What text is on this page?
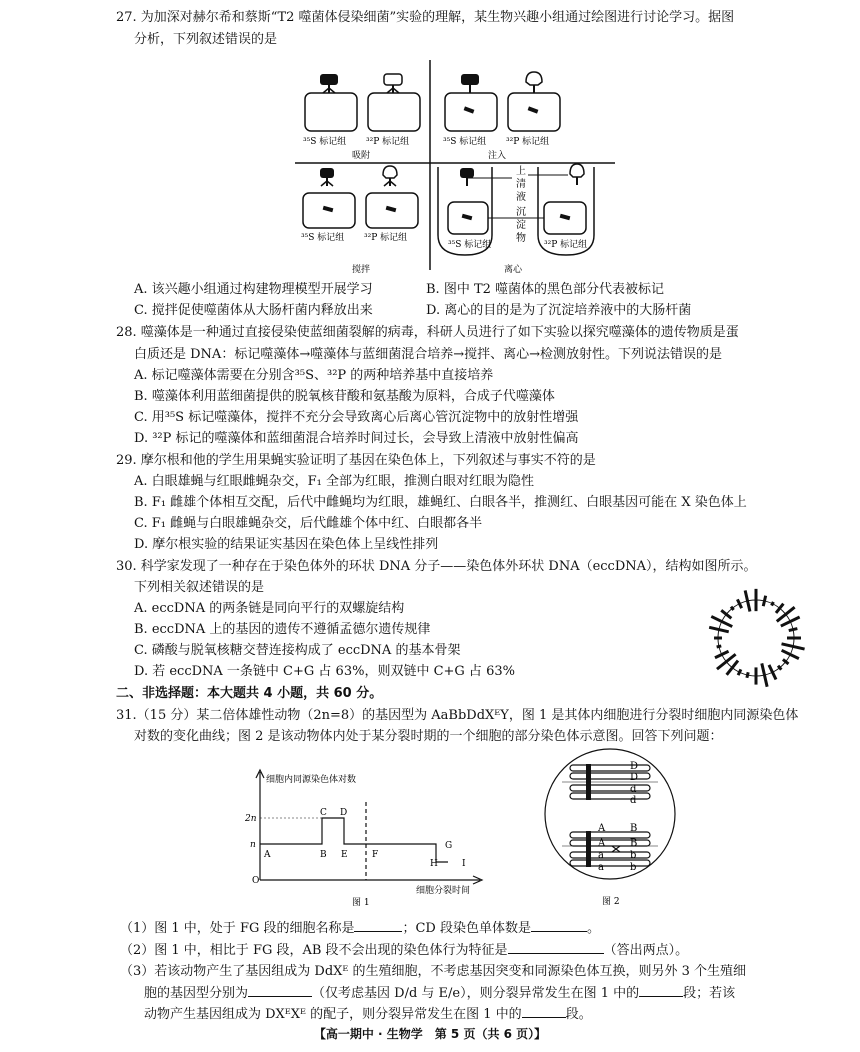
27. 为加深对赫尔希和蔡斯“T2 噬菌体侵染细菌”实验的理解，某生物兴趣小组通过绘图进行讨论学习。据图
分析，下列叙述错误的是
³⁵S 标记组 ³²P 标记组
吸附
³⁵S 标记组 ³²P 标记组
注入
³⁵S 标记组 ³²P 标记组
搅拌
上
清
液
沉
淀
物
³⁵S 标记组	³²P 标记组
离心
A. 该兴趣小组通过构建物理模型开展学习	B. 图中 T2 噬菌体的黑色部分代表被标记
C. 搅拌促使噬菌体从大肠杆菌内释放出来	D. 离心的目的是为了沉淀培养液中的大肠杆菌
28. 噬藻体是一种通过直接侵染使蓝细菌裂解的病毒，科研人员进行了如下实验以探究噬藻体的遗传物质是蛋
白质还是 DNA：标记噬藻体→噬藻体与蓝细菌混合培养→搅拌、离心→检测放射性。下列说法错误的是
A. 标记噬藻体需要在分别含³⁵S、³²P 的两种培养基中直接培养
B. 噬藻体利用蓝细菌提供的脱氧核苷酸和氨基酸为原料，合成子代噬藻体
C. 用³⁵S 标记噬藻体，搅拌不充分会导致离心后离心管沉淀物中的放射性增强
D. ³²P 标记的噬藻体和蓝细菌混合培养时间过长，会导致上清液中放射性偏高
29. 摩尔根和他的学生用果蝇实验证明了基因在染色体上，下列叙述与事实不符的是
A. 白眼雄蝇与红眼雌蝇杂交，F₁ 全部为红眼，推测白眼对红眼为隐性
B. F₁ 雌雄个体相互交配，后代中雌蝇均为红眼，雄蝇红、白眼各半，推测红、白眼基因可能在 X 染色体上
C. F₁ 雌蝇与白眼雄蝇杂交，后代雌雄个体中红、白眼都各半
D. 摩尔根实验的结果证实基因在染色体上呈线性排列
30. 科学家发现了一种存在于染色体外的环状 DNA 分子——染色体外环状 DNA（eccDNA），结构如图所示。
下列相关叙述错误的是
A. eccDNA 的两条链是同向平行的双螺旋结构
B. eccDNA 上的基因的遗传不遵循孟德尔遗传规律
C. 磷酸与脱氧核糖交替连接构成了 eccDNA 的基本骨架
D. 若 eccDNA 一条链中 C+G 占 63%，则双链中 C+G 占 63%
二、非选择题：本大题共 4 小题，共 60 分。
31.（15 分）某二倍体雄性动物（2n=8）的基因型为 AaBbDdXᴱY，图 1 是其体内细胞进行分裂时细胞内同源染色体
对数的变化曲线；图 2 是该动物体内处于某分裂时期的一个细胞的部分染色体示意图。回答下列问题：
细胞内同源染色体对数
2n
n
O
A	B
C D
E	F
G
H	I
细胞分裂时间
图 1
D
D
d
d
A B
A B
a	b
a	b
图 2
（1）图 1 中，处于 FG 段的细胞名称是	；CD 段染色单体数是	。
（2）图 1 中，相比于 FG 段，AB 段不会出现的染色体行为特征是	（答出两点）。
（3）若该动物产生了基因组成为 DdXᴱ 的生殖细胞，不考虑基因突变和同源染色体互换，则另外 3 个生殖细
胞的基因型分别为	（仅考虑基因 D/d 与 E/e），则分裂异常发生在图 1 中的	段；若该
动物产生基因组成为 DXᴱXᴱ 的配子，则分裂异常发生在图 1 中的	段。
【高一期中 · 生物学　第 5 页（共 6 页）】
